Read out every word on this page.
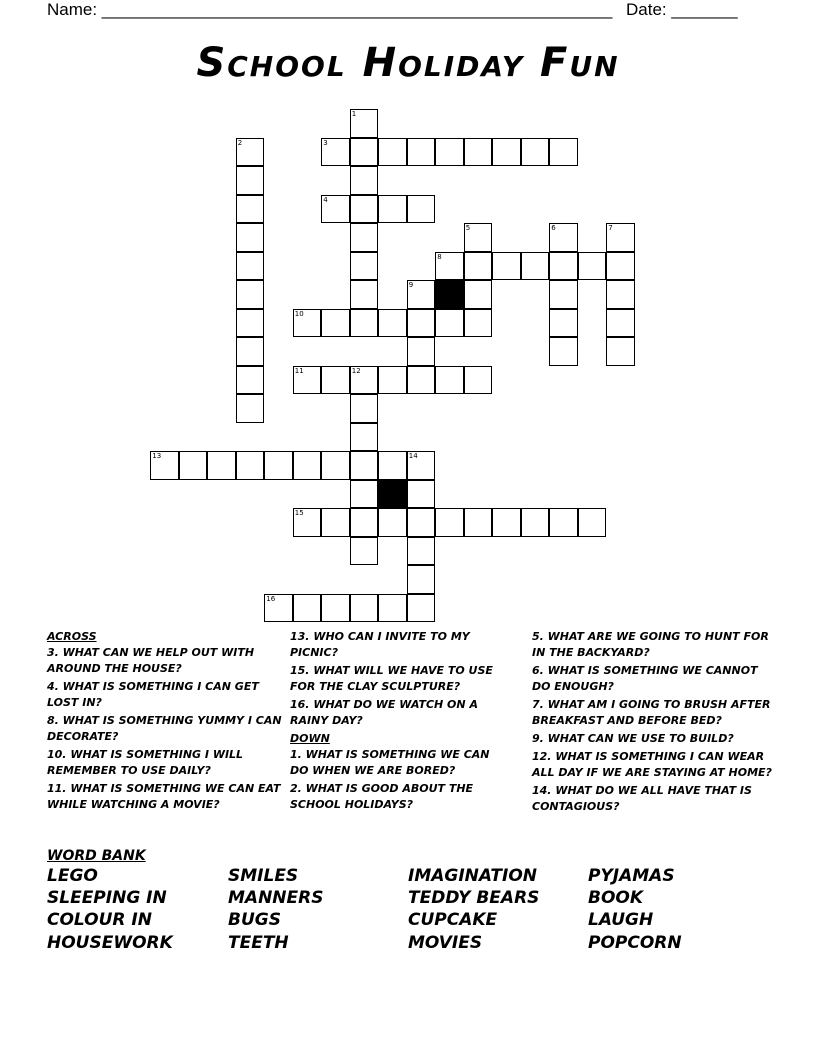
Name: ______________________________________________________ Date: _______
School Holiday Fun
1
2	3
4
5	6	7
8
9
10
11	12
13	14
15
16
ACROSS
3. WHAT CAN WE HELP OUT WITH AROUND THE HOUSE?
4. WHAT IS SOMETHING I CAN GET LOST IN?
8. WHAT IS SOMETHING YUMMY I CAN DECORATE?
10. WHAT IS SOMETHING I WILL REMEMBER TO USE DAILY?
11. WHAT IS SOMETHING WE CAN EAT WHILE WATCHING A MOVIE?
13. WHO CAN I INVITE TO MY PICNIC?
15. WHAT WILL WE HAVE TO USE FOR THE CLAY SCULPTURE?
16. WHAT DO WE WATCH ON A RAINY DAY?
DOWN
1. WHAT IS SOMETHING WE CAN DO WHEN WE ARE BORED?
2. WHAT IS GOOD ABOUT THE SCHOOL HOLIDAYS?
5. WHAT ARE WE GOING TO HUNT FOR IN THE BACKYARD?
6. WHAT IS SOMETHING WE CANNOT DO ENOUGH?
7. WHAT AM I GOING TO BRUSH AFTER BREAKFAST AND BEFORE BED?
9. WHAT CAN WE USE TO BUILD?
12. WHAT IS SOMETHING I CAN WEAR ALL DAY IF WE ARE STAYING AT HOME?
14. WHAT DO WE ALL HAVE THAT IS CONTAGIOUS?
WORD BANK
LEGO	SMILES	IMAGINATION	PYJAMAS
SLEEPING IN	MANNERS	TEDDY BEARS	BOOK
COLOUR IN	BUGS	CUPCAKE	LAUGH
HOUSEWORK	TEETH	MOVIES	POPCORN
